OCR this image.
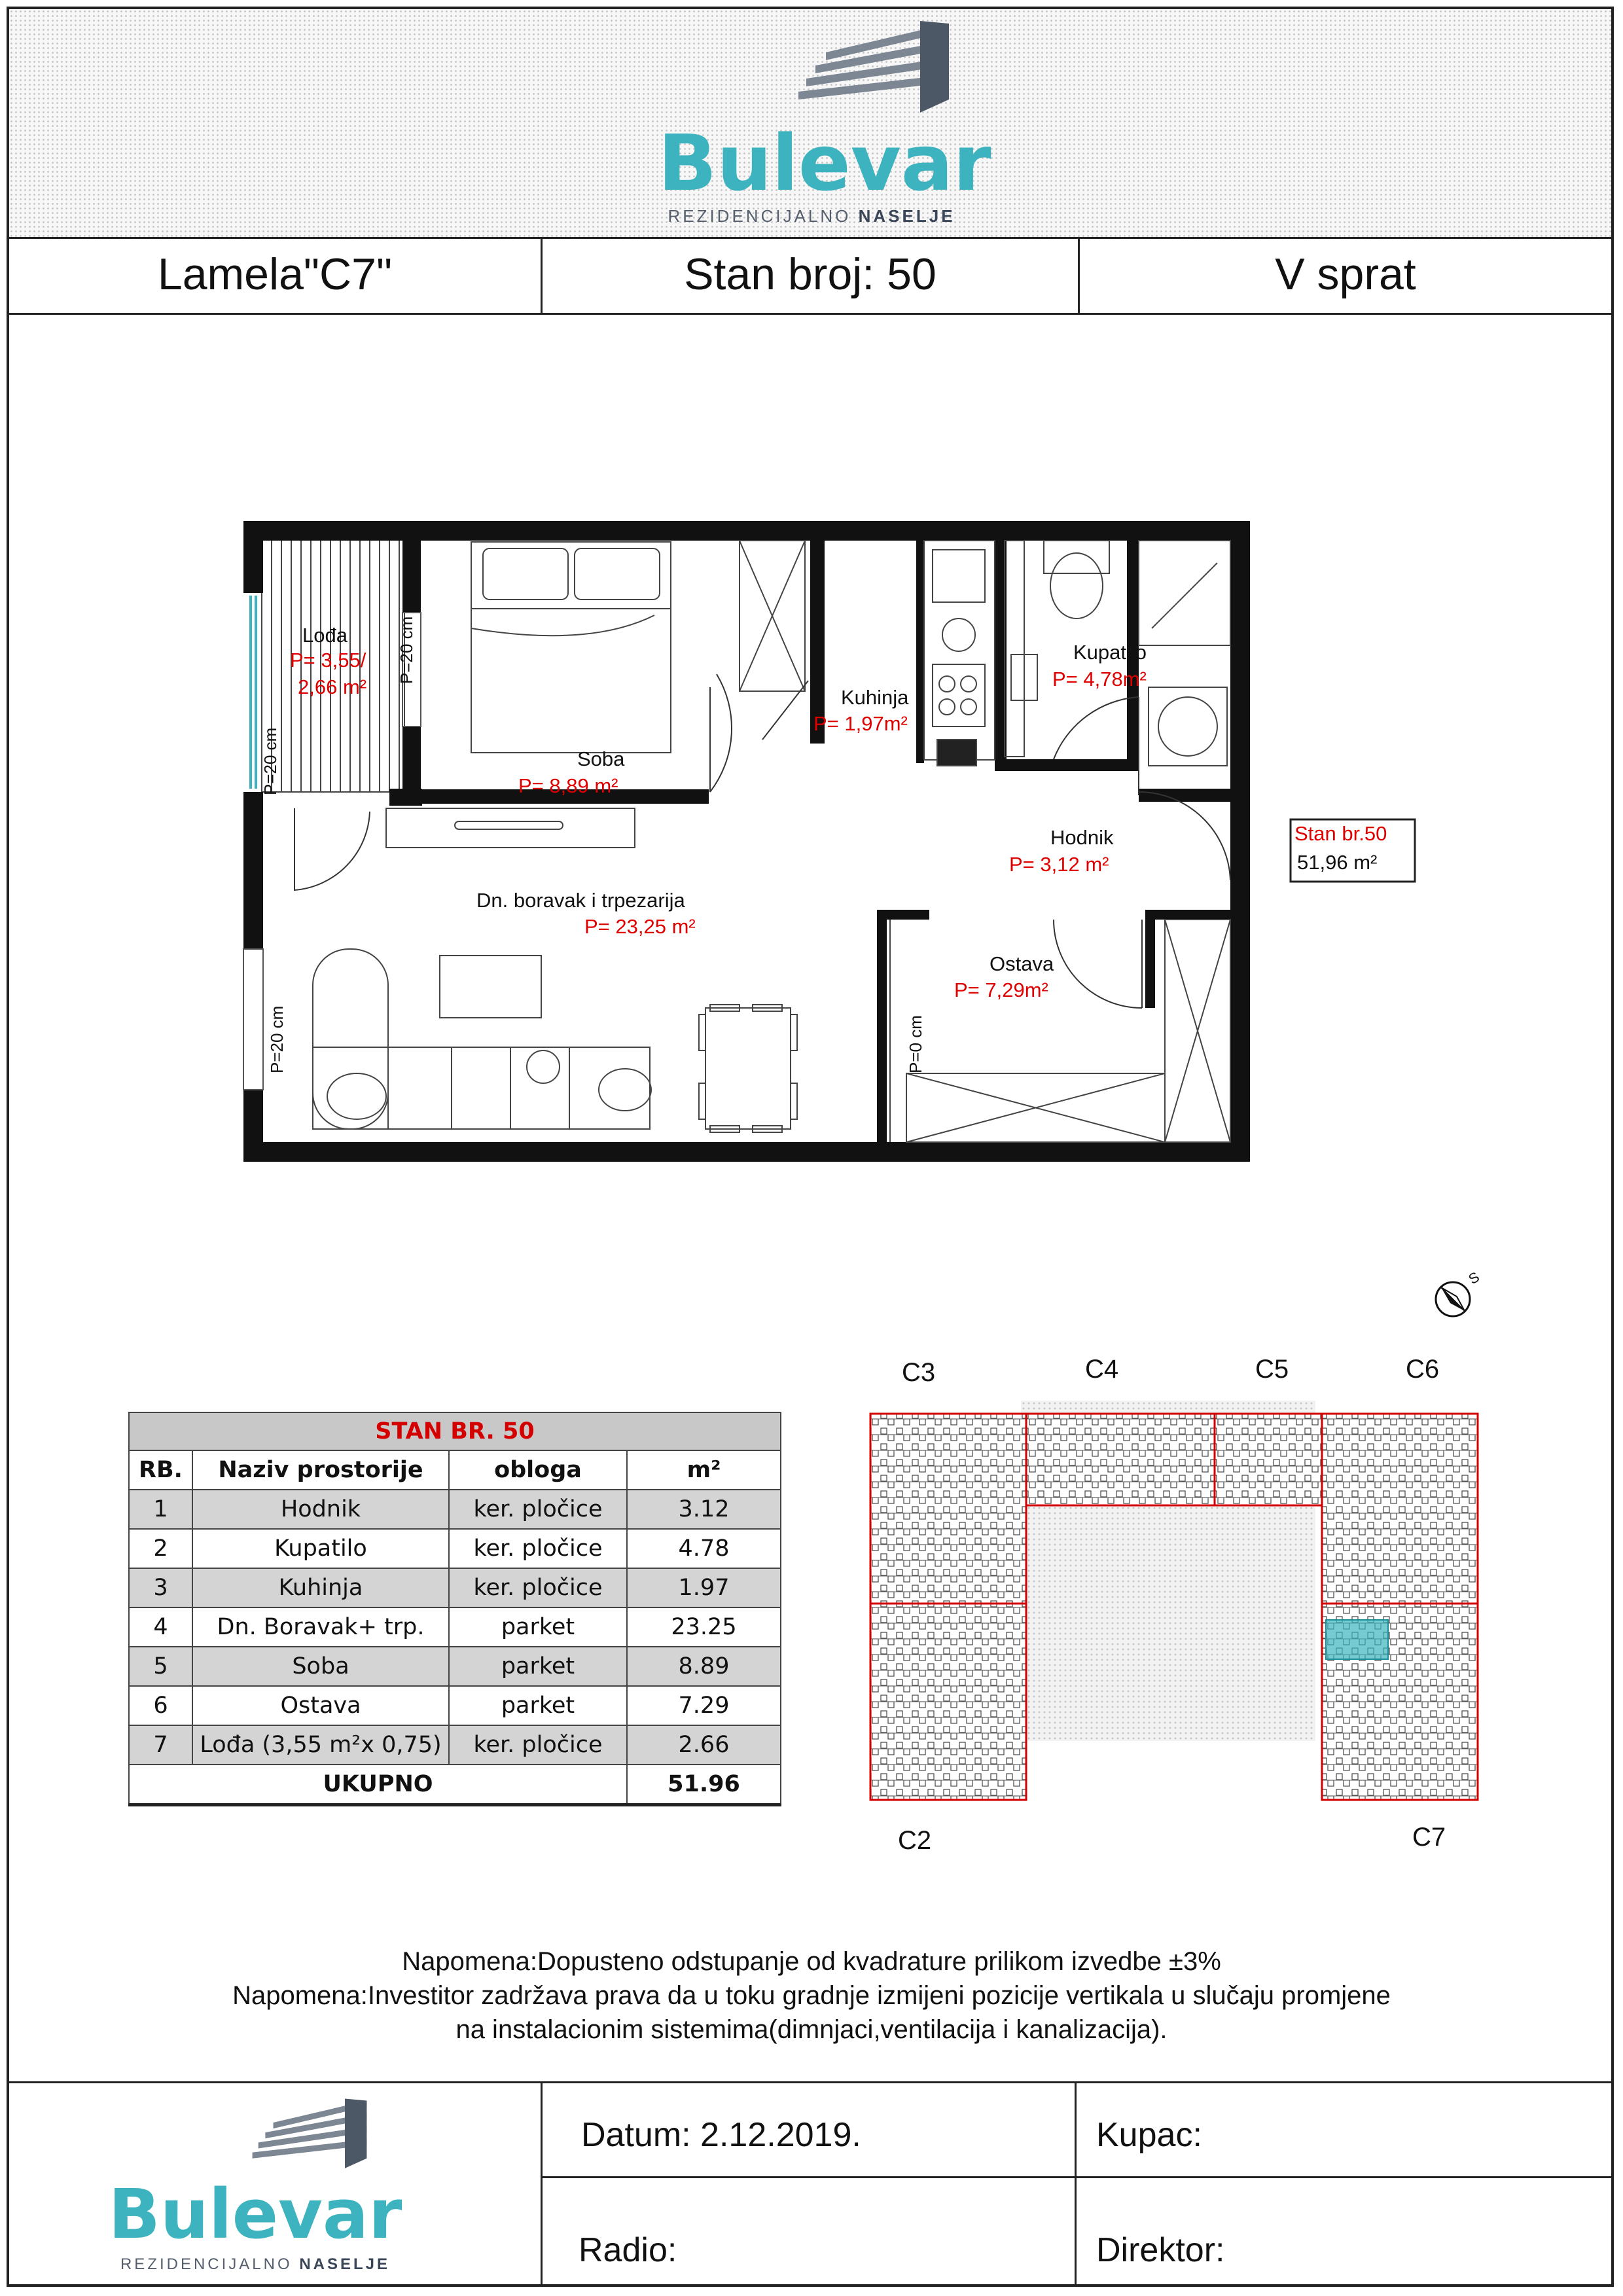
Bulevar
REZIDENCIJALNO NASELJE
Lamela"C7"	Stan broj: 50	V sprat
Lođa
P= 3,55/
2,66 m²
Soba
P= 8,89 m²
Kuhinja
P= 1,97m²
Kupatilo
P= 4,78m²
Hodnik
P= 3,12 m²
Dn. boravak i trpezarija
P= 23,25 m²
Ostava
P= 7,29m²
P=20 cm
P=20 cm
P=20 cm	P=0 cm
Stan br.50
51,96 m²
STAN BR. 50			
RB.	Naziv prostorije	obloga	m²
1	Hodnik	ker. pločice	3.12
2	Kupatilo	ker. pločice	4.78
3	Kuhinja	ker. pločice	1.97
4	Dn. Boravak+ trp.	parket	23.25
5	Soba	parket	8.89
6	Ostava	parket	7.29
7	Lođa (3,55 m²x 0,75)	ker. pločice	2.66
UKUPNO			51.96
C3	C4	C5	C6
C2	C7
S
Napomena:Dopusteno odstupanje od kvadrature prilikom izvedbe ±3%
Napomena:Investitor zadržava prava da u toku gradnje izmijeni pozicije vertikala u slučaju promjene
na instalacionim sistemima(dimnjaci,ventilacija i kanalizacija).
Datum: 2.12.2019.	Kupac:
Radio:	Direktor:
Bulevar
REZIDENCIJALNO NASELJE
